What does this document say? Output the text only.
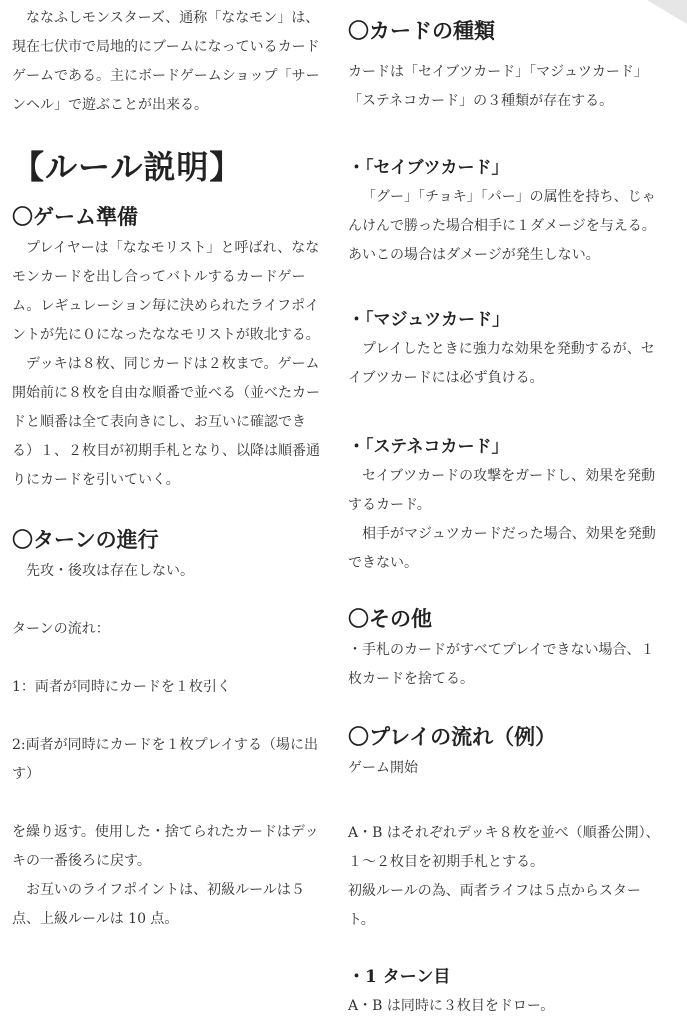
ななふしモンスターズ、通称「ななモン」は、現在七伏市で局地的にブームになっているカードゲームである。主にボードゲームショップ「サーンヘル」で遊ぶことが出来る。

【ルール説明】

〇ゲーム準備

プレイヤーは「ななモリスト」と呼ばれ、ななモンカードを出し合ってバトルするカードゲーム。レギュレーション毎に決められたライフポイントが先に０になったななモリストが敗北する。

デッキは８枚、同じカードは２枚まで。ゲーム開始前に８枚を自由な順番で並べる（並べたカードと順番は全て表向きにし、お互いに確認できる）１、２枚目が初期手札となり、以降は順番通りにカードを引いていく。

〇ターンの進行

先攻・後攻は存在しない。

ターンの流れ：

1：両者が同時にカードを１枚引く

2:両者が同時にカードを１枚プレイする（場に出す）

を繰り返す。使用した・捨てられたカードはデッキの一番後ろに戻す。

お互いのライフポイントは、初級ルールは５点、上級ルールは 10 点。

〇カードの種類

カードは「セイブツカード」「マジュツカード」「ステネコカード」の３種類が存在する。

・「セイブツカード」

「グー」「チョキ」「パー」の属性を持ち、じゃんけんで勝った場合相手に１ダメージを与える。あいこの場合はダメージが発生しない。

・「マジュツカード」

プレイしたときに強力な効果を発動するが、セイブツカードには必ず負ける。

・「ステネコカード」

セイブツカードの攻撃をガードし、効果を発動するカード。

相手がマジュツカードだった場合、効果を発動できない。

〇その他

・手札のカードがすべてプレイできない場合、１枚カードを捨てる。

〇プレイの流れ（例）

ゲーム開始

A・B はそれぞれデッキ８枚を並べ（順番公開）、１～２枚目を初期手札とする。

初級ルールの為、両者ライフは５点からスタート。

・1 ターン目

A・B は同時に３枚目をドロー。
